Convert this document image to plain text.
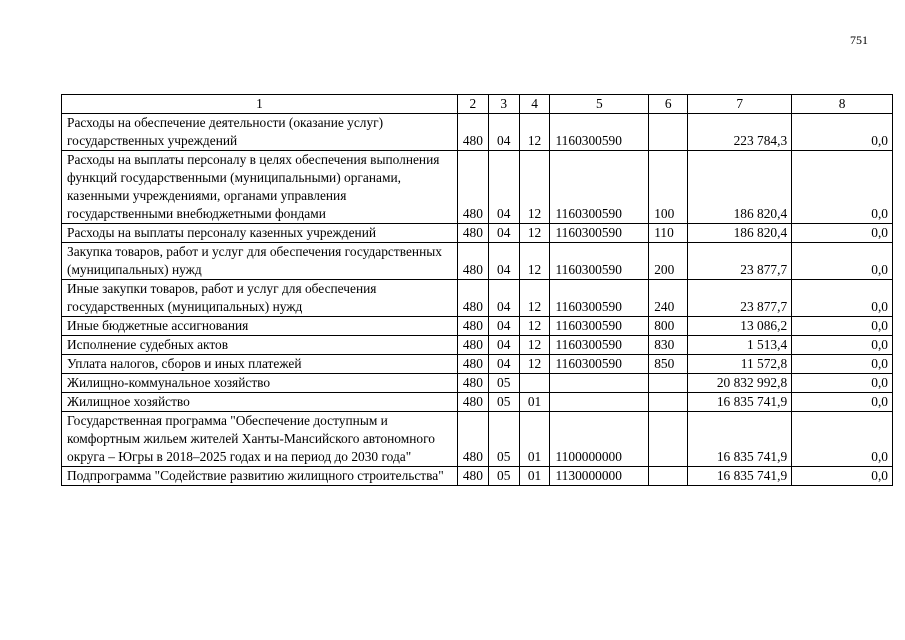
751
1	2	3	4	5	6	7	8
Расходы на обеспечение деятельности (оказание услуг) государственных учреждений	480	04	12	1160300590		223 784,3	0,0
Расходы на выплаты персоналу в целях обеспечения выполнения функций государственными (муниципальными) органами, казенными учреждениями, органами управления государственными внебюджетными фондами	480	04	12	1160300590	100	186 820,4	0,0
Расходы на выплаты персоналу казенных учреждений	480	04	12	1160300590	110	186 820,4	0,0
Закупка товаров, работ и услуг для обеспечения государственных (муниципальных) нужд	480	04	12	1160300590	200	23 877,7	0,0
Иные закупки товаров, работ и услуг для обеспечения государственных (муниципальных) нужд	480	04	12	1160300590	240	23 877,7	0,0
Иные бюджетные ассигнования	480	04	12	1160300590	800	13 086,2	0,0
Исполнение судебных актов	480	04	12	1160300590	830	1 513,4	0,0
Уплата налогов, сборов и иных платежей	480	04	12	1160300590	850	11 572,8	0,0
Жилищно-коммунальное хозяйство	480	05				20 832 992,8	0,0
Жилищное хозяйство	480	05	01			16 835 741,9	0,0
Государственная программа "Обеспечение доступным и комфортным жильем жителей Ханты-Мансийского автономного округа – Югры в 2018–2025 годах и на период до 2030 года"	480	05	01	1100000000		16 835 741,9	0,0
Подпрограмма "Содействие развитию жилищного строительства"	480	05	01	1130000000		16 835 741,9	0,0
